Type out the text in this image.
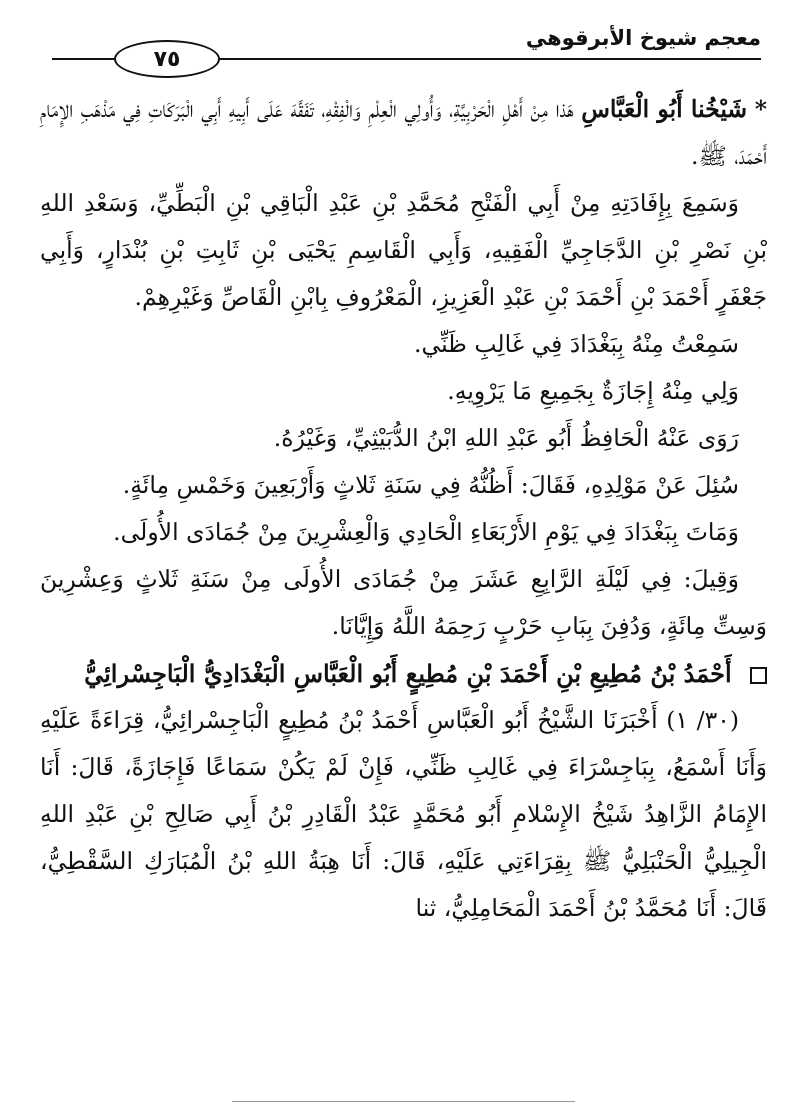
معجم شيوخ الأبرقوهي
٧٥

* شَيْخُنا أَبُو الْعَبَّاسِ هَذا مِنْ أَهْلِ الْحَرْبِيَّةِ، وَأُولِي الْعِلْمِ وَالْفِقْهِ، تَفَقَّهَ عَلَى أَبِيهِ أَبِي الْبَرَكَاتِ فِي مَذْهَبِ الإِمَامِ أَحْمَدَ، ﷺ.

وَسَمِعَ بِإِفَادَتِهِ مِنْ أَبِي الْفَتْحِ مُحَمَّدِ بْنِ عَبْدِ الْبَاقِي بْنِ الْبَطِّيِّ، وَسَعْدِ اللهِ بْنِ نَصْرِ بْنِ الدَّجَاجِيِّ الْفَقِيهِ، وَأَبِي الْقَاسِمِ يَحْيَى بْنِ ثَابِتِ بْنِ بُنْدَارٍ، وَأَبِي جَعْفَرٍ أَحْمَدَ بْنِ أَحْمَدَ بْنِ عَبْدِ الْعَزِيزِ، الْمَعْرُوفِ بِابْنِ الْقَاصِّ وَغَيْرِهِمْ.

سَمِعْتُ مِنْهُ بِبَغْدَادَ فِي غَالِبِ ظَنِّي.

وَلِي مِنْهُ إِجَازَةٌ بِجَمِيعِ مَا يَرْوِيهِ.

رَوَى عَنْهُ الْحَافِظُ أَبُو عَبْدِ اللهِ ابْنُ الدُّبَيْثِيِّ، وَغَيْرُهُ.

سُئِلَ عَنْ مَوْلِدِهِ، فَقَالَ: أَظُنُّهُ فِي سَنَةِ ثَلاثٍ وَأَرْبَعِينَ وَخَمْسِ مِائَةٍ.

وَمَاتَ بِبَغْدَادَ فِي يَوْمِ الأَرْبَعَاءِ الْحَادِي وَالْعِشْرِينَ مِنْ جُمَادَى الأُولَى.

وَقِيلَ: فِي لَيْلَةِ الرَّابِعِ عَشَرَ مِنْ جُمَادَى الأُولَى مِنْ سَنَةِ ثَلاثٍ وَعِشْرِينَ وَسِتِّ مِائَةٍ، وَدُفِنَ بِبَابِ حَرْبٍ رَحِمَهُ اللَّهُ وَإِيَّانَا.

أَحْمَدُ بْنُ مُطِيعِ بْنِ أَحْمَدَ بْنِ مُطِيعٍ أَبُو الْعَبَّاسِ الْبَغْدَادِيُّ الْبَاجِسْرائِيُّ

(٣٠/ ١) أَخْبَرَنَا الشَّيْخُ أَبُو الْعَبَّاسِ أَحْمَدُ بْنُ مُطِيعٍ الْبَاجِسْرائِيُّ، قِرَاءَةً عَلَيْهِ وَأَنَا أَسْمَعُ، بِبَاجِسْرَاءَ فِي غَالِبِ ظَنِّي، فَإِنْ لَمْ يَكُنْ سَمَاعًا فَإِجَازَةً، قَالَ: أَنَا الإِمَامُ الزَّاهِدُ شَيْخُ الإِسْلامِ أَبُو مُحَمَّدٍ عَبْدُ الْقَادِرِ بْنُ أَبِي صَالِحِ بْنِ عَبْدِ اللهِ الْجِيلِيُّ الْحَنْبَلِيُّ ﷺ بِقِرَاءَتِي عَلَيْهِ، قَالَ: أَنَا هِبَةُ اللهِ بْنُ الْمُبَارَكِ السَّقْطِيُّ، قَالَ: أَنَا مُحَمَّدُ بْنُ أَحْمَدَ الْمَحَامِلِيُّ، ثنا
